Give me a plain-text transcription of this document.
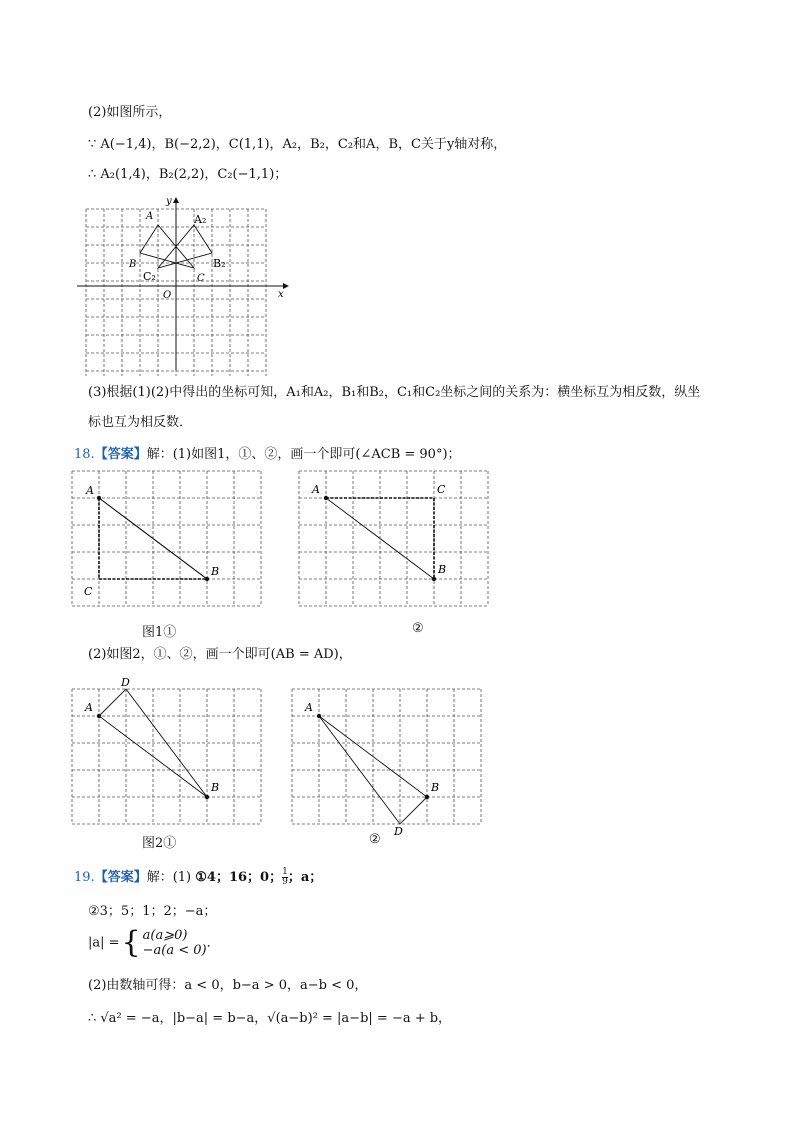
(2)如图所示，
∵ A(−1,4)，B(−2,2)，C(1,1)，A₂，B₂，C₂和A，B，C关于y轴对称，
∴ A₂(1,4)，B₂(2,2)，C₂(−1,1)；
x
y
O
A
B
C
A₂
B₂
C₂
(3)根据(1)(2)中得出的坐标可知，A₁和A₂，B₁和B₂，C₁和C₂坐标之间的关系为：横坐标互为相反数，纵坐
标也互为相反数．
18.【答案】解：(1)如图1，①、②，画一个即可(∠ACB = 90°)；
A
B
C
图1①
A	C
B
②
(2)如图2，①、②，画一个即可(AB = AD)，
A
D
B
图2①
A
B
D
②
19.【答案】解：(1) ①4；16；0； $\frac{1}{9}$ ；a；
②3；5；1；2；−a；
|a| ={ a(a⩾0)
−a(a < 0) ．
(2)由数轴可得：a < 0，b−a > 0，a−b < 0，
∴ √a² = −a，|b−a| = b−a，√(a−b)² = |a−b| = −a + b，
